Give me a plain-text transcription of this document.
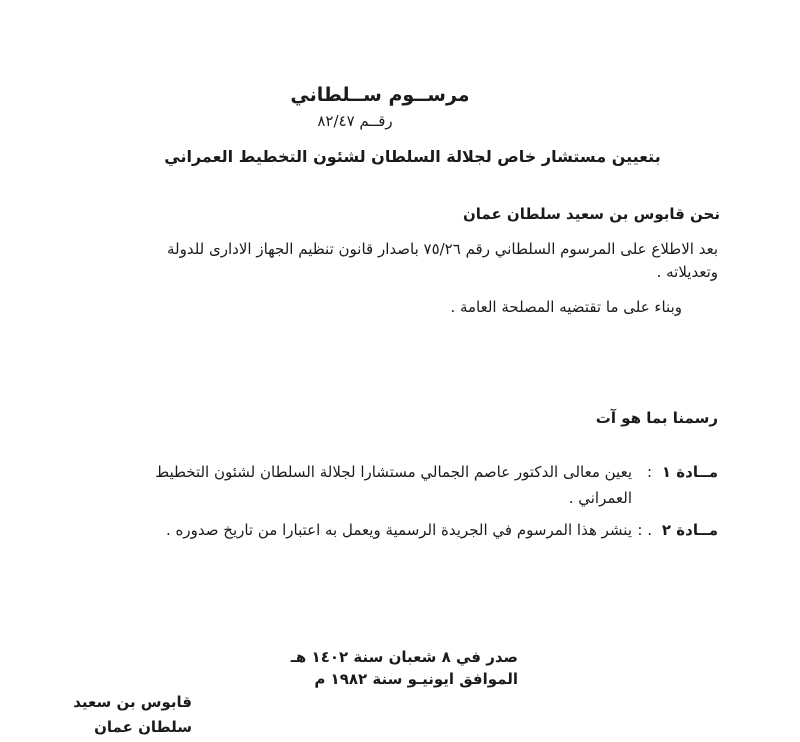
مرســوم ســلطاني
رقــم ٨٢/٤٧
بتعيين مستشار خاص لجلالة السلطان لشئون التخطيط العمراني
نحن قابوس بن سعيد سلطان عمان
بعد الاطلاع على المرسوم السلطاني رقم ٧٥/٢٦ باصدار قانون تنظيم الجهاز الادارى للدولة
وتعديلاته .
وبناء على ما تقتضيه المصلحة العامة .
رسمنا بما هو آت
مــادة ١
:
يعين معالى الدكتور عاصم الجمالي مستشارا لجلالة السلطان لشئون التخطيط
العمراني .
مــادة ٢
. :
ينشر هذا المرسوم في الجريدة الرسمية ويعمل به اعتبارا من تاريخ صدوره .
صدر في ٨ شعبان سنة ١٤٠٢ هـ
الموافق ايونيـو سنة ١٩٨٢ م
قابوس بن سعيد
سلطان عمان
